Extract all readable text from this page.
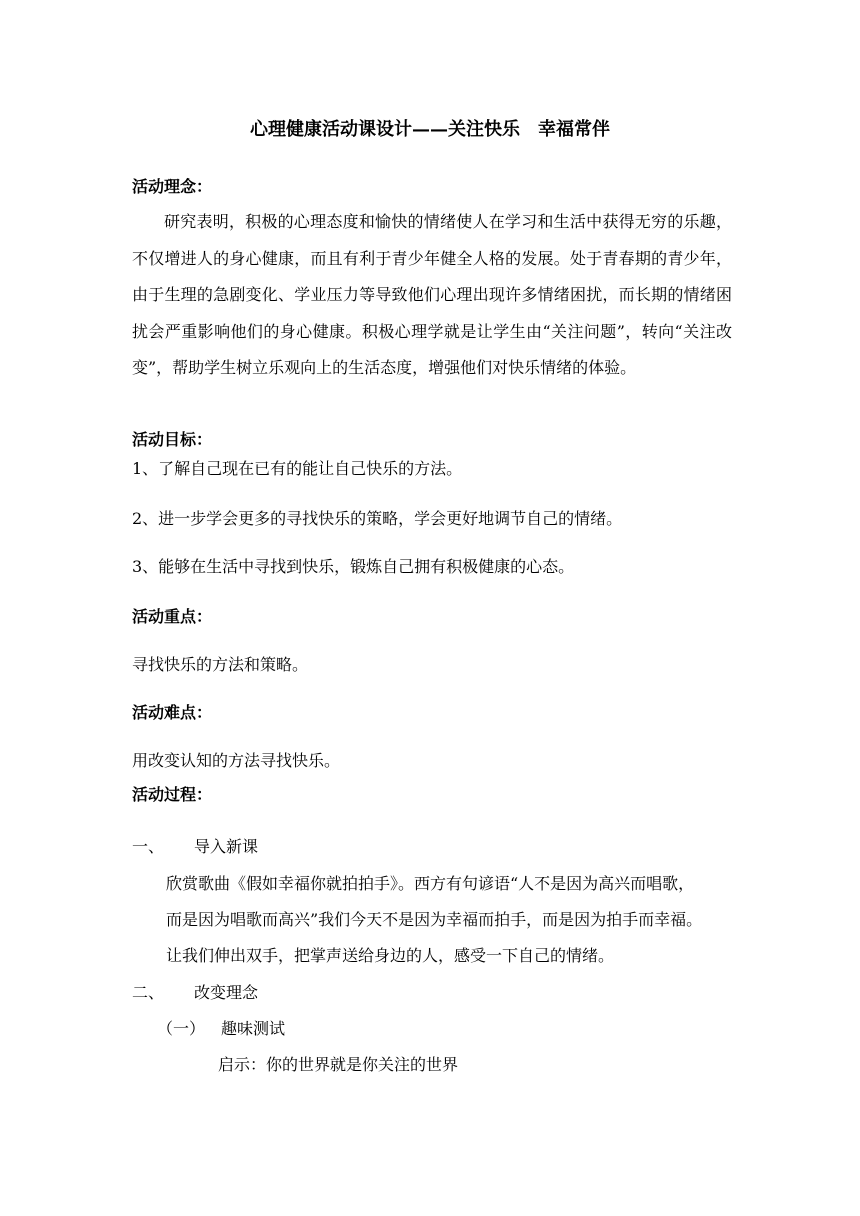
心理健康活动课设计——关注快乐　幸福常伴
活动理念：
研究表明，积极的心理态度和愉快的情绪使人在学习和生活中获得无穷的乐趣，不仅增进人的身心健康，而且有利于青少年健全人格的发展。处于青春期的青少年，由于生理的急剧变化、学业压力等导致他们心理出现许多情绪困扰，而长期的情绪困扰会严重影响他们的身心健康。积极心理学就是让学生由“关注问题”，转向“关注改变”，帮助学生树立乐观向上的生活态度，增强他们对快乐情绪的体验。
活动目标：
1、了解自己现在已有的能让自己快乐的方法。
2、进一步学会更多的寻找快乐的策略，学会更好地调节自己的情绪。
3、能够在生活中寻找到快乐，锻炼自己拥有积极健康的心态。
活动重点：
寻找快乐的方法和策略。
活动难点：
用改变认知的方法寻找快乐。
活动过程：
一、 导入新课
欣赏歌曲《假如幸福你就拍拍手》。西方有句谚语“人不是因为高兴而唱歌，
而是因为唱歌而高兴”我们今天不是因为幸福而拍手，而是因为拍手而幸福。
让我们伸出双手，把掌声送给身边的人，感受一下自己的情绪。
二、 改变理念
（一） 趣味测试
启示：你的世界就是你关注的世界
